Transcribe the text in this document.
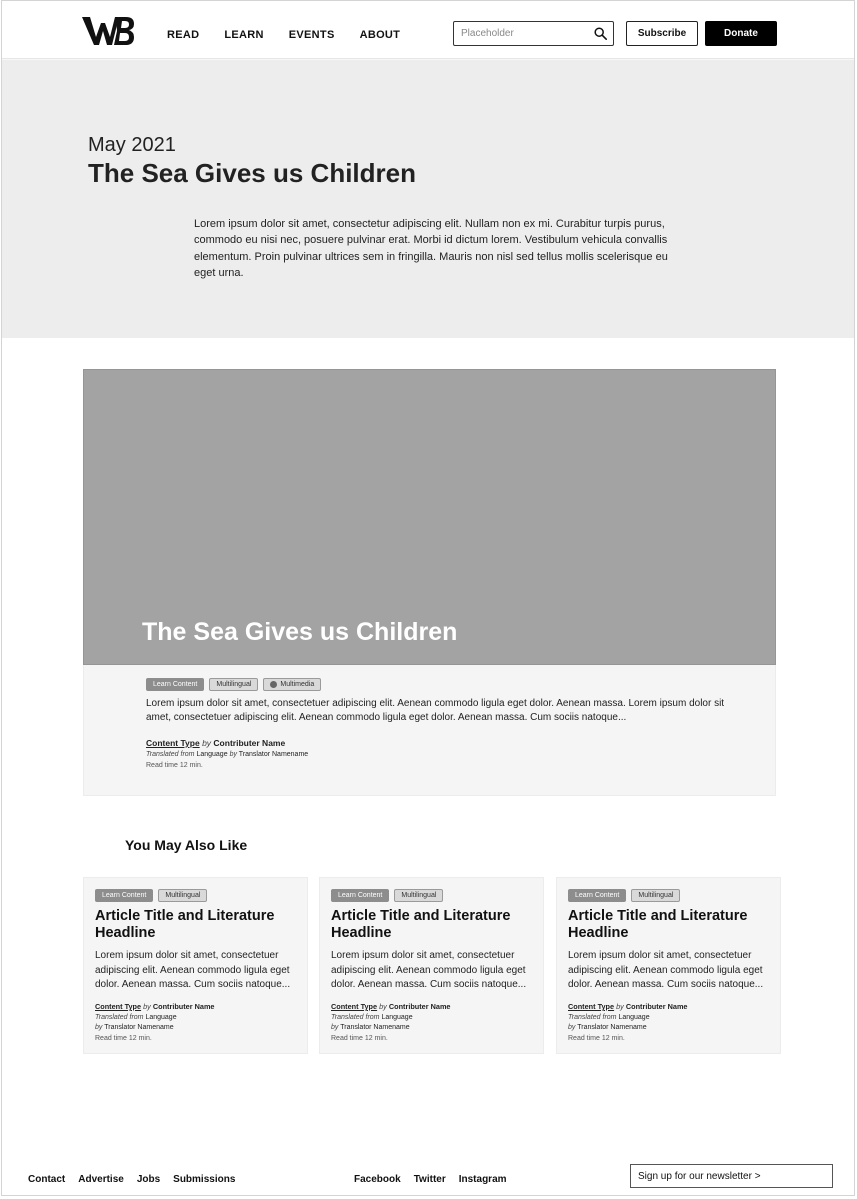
READ LEARN EVENTS ABOUT
Placeholder	Subscribe	Donate
May 2021
The Sea Gives us Children

Lorem ipsum dolor sit amet, consectetur adipiscing elit. Nullam non ex mi. Curabitur turpis purus, commodo eu nisi nec, posuere pulvinar erat. Morbi id dictum lorem. Vestibulum vehicula convallis elementum. Proin pulvinar ultrices sem in fringilla. Mauris non nisl sed tellus mollis scelerisque eu eget urna.

The Sea Gives us Children
Learn Content	Multilingual	Multimedia

Lorem ipsum dolor sit amet, consectetuer adipiscing elit. Aenean commodo ligula eget dolor. Aenean massa. Lorem ipsum dolor sit amet, consectetuer adipiscing elit. Aenean commodo ligula eget dolor. Aenean massa. Cum sociis natoque...

Content Type by Contributer Name
Translated from Language by Translator Namename
Read time 12 min.
You May Also Like
Learn Content	Multilingual
Article Title and Literature Headline

Lorem ipsum dolor sit amet, consectetuer adipiscing elit. Aenean commodo ligula eget dolor. Aenean massa. Cum sociis natoque...

Content Type by Contributer Name
Translated from Language
by Translator Namename
Read time 12 min.
Learn Content	Multilingual
Article Title and Literature Headline

Lorem ipsum dolor sit amet, consectetuer adipiscing elit. Aenean commodo ligula eget dolor. Aenean massa. Cum sociis natoque...

Content Type by Contributer Name
Translated from Language
by Translator Namename
Read time 12 min.
Learn Content	Multilingual
Article Title and Literature Headline

Lorem ipsum dolor sit amet, consectetuer adipiscing elit. Aenean commodo ligula eget dolor. Aenean massa. Cum sociis natoque...

Content Type by Contributer Name
Translated from Language
by Translator Namename
Read time 12 min.
Contact Advertise Jobs Submissions	Facebook Twitter Instagram	Sign up for our newsletter >
